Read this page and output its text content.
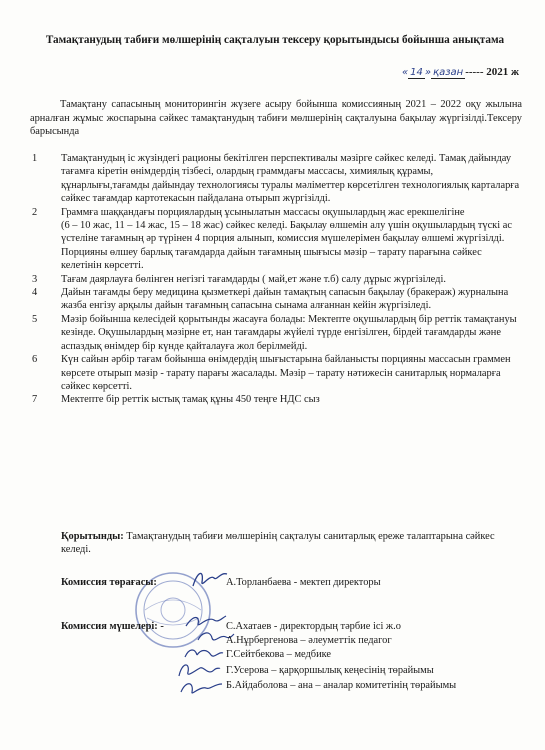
Тамақтанудың табиғи мөлшерінің сақталуын тексеру қорытындысы бойынша анықтама
« 14 » қазан ----- 2021 ж
Тамақтану сапасының мониторингін жүзеге асыру бойынша комиссияның 2021 – 2022 оқу жылына арналған жұмыс жоспарына сәйкес тамақтанудың табиғи мөлшерінің сақталуына бақылау жүргізілді.Тексеру барысында
1 Тамақтанудың іс жүзіндегі рационы бекітілген перспективалы мәзірге сәйкес келеді. Тамақ дайындау тағамға кіретін өнімдердің тізбесі, олардың граммдағы массасы, химиялық құрамы, құнарлығы,тағамды дайындау технологиясы туралы мәліметтер көрсетілген технологиялық карталарға сәйкес тағамдар картотекасын пайдалана отырып жүргізілді.
2 Граммға шаққандағы порциялардың ұсынылатын массасы оқушылардың жас ерекшелігіне
(6 – 10 жас, 11 – 14 жас, 15 – 18 жас) сәйкес келеді. Бақылау өлшемін алу үшін оқушылардың түскі ас үстеліне тағамның әр түрінен 4 порция алынып, комиссия мүшелерімен бақылау өлшемі жүргізілді. Порцияны өлшеу барлық тағамдарда дайын тағамның шығысы мәзір – тарату парағына сәйкес келетінін көрсетті.
3 Тағам даярлауға бөлінген негізгі тағамдарды ( май,ет және т.б) салу дұрыс жүргізіледі.
4 Дайын тағамды беру медицина қызметкері дайын тамақтың сапасын бақылау (бракераж) журналына жазба енгізу арқылы дайын тағамның сапасына сынама алғаннан кейін жүргізіледі.
5 Мәзір бойынша келесідей қорытынды жасауға болады: Мектепте оқушылардың бір реттік тамақтануы кезінде. Оқушылардың мәзірне ет, нан тағамдары жүйелі түрде енгізілген, бірдей тағамдарды және аспаздық өнімдер бір күнде қайталауға жол берілмейді.
6 Күн сайын әрбір тағам бойынша өнімдердің шығыстарына байланысты порцияны массасын граммен көрсете отырып мәзір - тарату парағы жасалады. Мәзір – тарату нәтижесін санитарлық нормаларға сәйкес көрсетті.
7 Мектепте бір реттік ыстық тамақ құны 450 теңге НДС сыз
Қорытынды: Тамақтанудың табиғи мөлшерінің сақталуы санитарлық ереже талаптарына сәйкес келеді.
Комиссия төрағасы:	А.Торланбаева - мектеп директоры
Комиссия мүшелері: -	С.Ахатаев - директордың тәрбие ісі ж.о
А.Нұрбергенова – әлеуметтік педагог
Г.Сейтбекова – медбике
Г.Усерова – қарқоршылық кеңесінің төрайымы
Б.Айдаболова – ана – аналар комитетінің төрайымы
